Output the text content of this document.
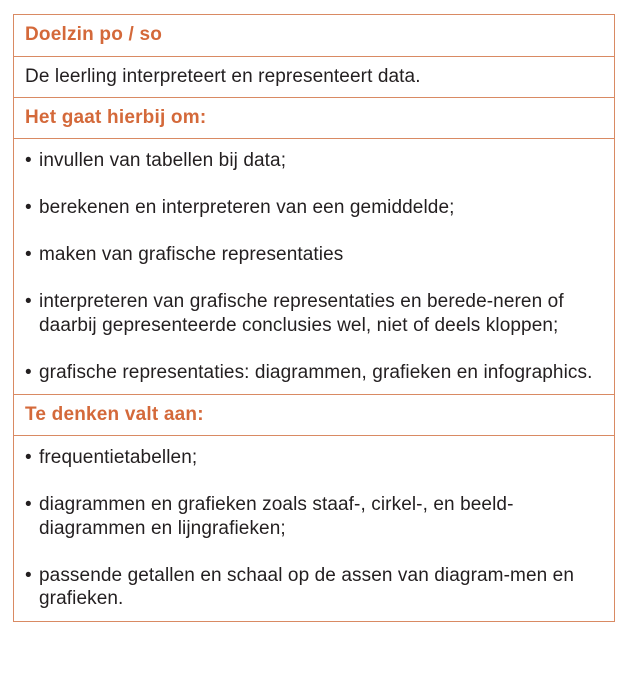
Doelzin po / so
De leerling interpreteert en representeert data.
Het gaat hierbij om:
• invullen van tabellen bij data;
• berekenen en interpreteren van een gemiddelde;
• maken van grafische representaties
• interpreteren van grafische representaties en berede-neren of daarbij gepresenteerde conclusies wel, niet of deels kloppen;
• grafische representaties: diagrammen, grafieken en infographics.
Te denken valt aan:
• frequentietabellen;
• diagrammen en grafieken zoals staaf-, cirkel-, en beeld-diagrammen en lijngrafieken;
• passende getallen en schaal op de assen van diagram-men en grafieken.
